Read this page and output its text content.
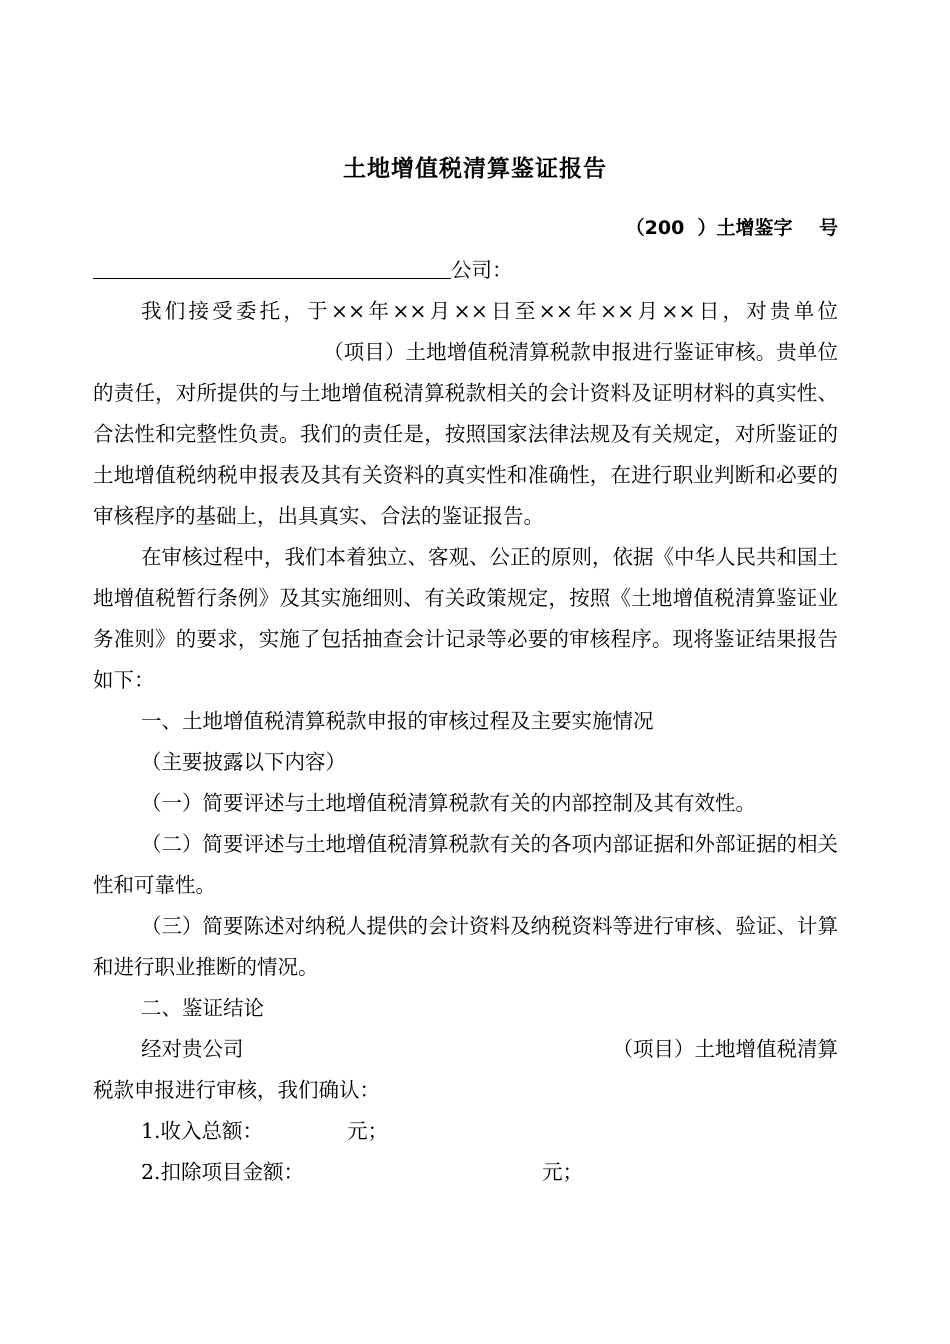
土地增值税清算鉴证报告
（200  ）土增鉴字    号

公司：

我们接受委托，于××年××月××日至××年××月××日，对贵单位（项目）土地增值税清算税款申报进行鉴证审核。贵单位的责任，对所提供的与土地增值税清算税款相关的会计资料及证明材料的真实性、合法性和完整性负责。我们的责任是，按照国家法律法规及有关规定，对所鉴证的土地增值税纳税申报表及其有关资料的真实性和准确性，在进行职业判断和必要的审核程序的基础上，出具真实、合法的鉴证报告。

在审核过程中，我们本着独立、客观、公正的原则，依据《中华人民共和国土地增值税暂行条例》及其实施细则、有关政策规定，按照《土地增值税清算鉴证业务准则》的要求，实施了包括抽查会计记录等必要的审核程序。现将鉴证结果报告如下：

一、土地增值税清算税款申报的审核过程及主要实施情况

（主要披露以下内容）

（一）简要评述与土地增值税清算税款有关的内部控制及其有效性。

（二）简要评述与土地增值税清算税款有关的各项内部证据和外部证据的相关性和可靠性。

（三）简要陈述对纳税人提供的会计资料及纳税资料等进行审核、验证、计算和进行职业推断的情况。

二、鉴证结论

经对贵公司	（项目）土地增值税清算

税款申报进行审核，我们确认：

1.收入总额：	元；

2.扣除项目金额：	元；
